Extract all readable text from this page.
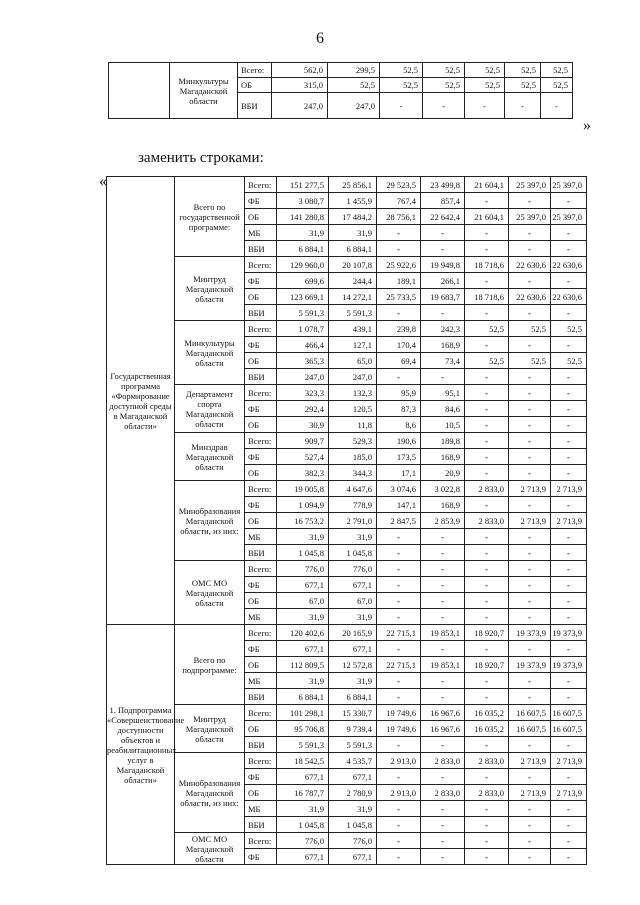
6
	Минкультуры Магаданской области	Всего:	562,0	299,5	52,5	52,5	52,5	52,5	52,5
		ОБ	315,0	52,5	52,5	52,5	52,5	52,5	52,5
		ВБИ	247,0	247,0	-	-	-	-	-
»
заменить строками:
«
Государственная программа «Формирование доступной среды в Магаданской области»	Всего по государственной программе:	Всего:	151 277,5	25 856,1	29 523,5	23 499,8	21 604,1	25 397,0	25 397,0
		ФБ	3 080,7	1 455,9	767,4	857,4	-	-	-
		ОБ	141 280,8	17 484,2	28 756,1	22 642,4	21 604,1	25 397,0	25 397,0
		МБ	31,9	31,9	-	-	-	-	-
		ВБИ	6 884,1	6 884,1	-	-	-	-	-
	Минтруд Магаданской области	Всего:	129 960,0	20 107,8	25 922,6	19 949,8	18 718,6	22 630,6	22 630,6
		ФБ	699,6	244,4	189,1	266,1	-	-	-
		ОБ	123 669,1	14 272,1	25 733,5	19 683,7	18 718,6	22 630,6	22 630,6
		ВБИ	5 591,3	5 591,3	-	-	-	-	-
	Минкультуры Магаданской области	Всего:	1 078,7	439,1	239,8	242,3	52,5	52,5	52,5
		ФБ	466,4	127,1	170,4	168,9	-	-	-
		ОБ	365,3	65,0	69,4	73,4	52,5	52,5	52,5
		ВБИ	247,0	247,0	-	-	-	-	-
	Департамент спорта Магаданской области	Всего:	323,3	132,3	95,9	95,1	-	-	-
		ФБ	292,4	120,5	87,3	84,6	-	-	-
		ОБ	30,9	11,8	8,6	10,5	-	-	-
	Минздрав Магаданской области	Всего:	909,7	529,3	190,6	189,8	-	-	-
		ФБ	527,4	185,0	173,5	168,9	-	-	-
		ОБ	382,3	344,3	17,1	20,9	-	-	-
	Минобразования Магаданской области, из них:	Всего:	19 005,8	4 647,6	3 074,6	3 022,8	2 833,0	2 713,9	2 713,9
		ФБ	1 094,9	778,9	147,1	168,9	-	-	-
		ОБ	16 753,2	2 791,0	2 847,5	2 853,9	2 833,0	2 713,9	2 713,9
		МБ	31,9	31,9	-	-	-	-	-
		ВБИ	1 045,8	1 045,8	-	-	-	-	-
	ОМС МО Магаданской области	Всего:	776,0	776,0	-	-	-	-	-
		ФБ	677,1	677,1	-	-	-	-	-
		ОБ	67,0	67,0	-	-	-	-	-
		МБ	31,9	31,9	-	-	-	-	-
1. Подпрограмма «Совершенствование доступности объектов и реабилитационных услуг в Магаданской области»	Всего по подпрограмме:	Всего:	120 402,6	20 165,9	22 715,1	19 853,1	18 920,7	19 373,9	19 373,9
		ФБ	677,1	677,1	-	-	-	-	-
		ОБ	112 809,5	12 572,8	22 715,1	19 853,1	18 920,7	19 373,9	19 373,9
		МБ	31,9	31,9	-	-	-	-	-
		ВБИ	6 884,1	6 884,1	-	-	-	-	-
	Минтруд Магаданской области	Всего:	101 298,1	15 330,7	19 749,6	16 967,6	16 035,2	16 607,5	16 607,5
		ОБ	95 706,8	9 739,4	19 749,6	16 967,6	16 035,2	16 607,5	16 607,5
		ВБИ	5 591,3	5 591,3	-	-	-	-	-
	Минобразования Магаданской области, из них:	Всего:	18 542,5	4 535,7	2 913,0	2 833,0	2 833,0	2 713,9	2 713,9
		ФБ	677,1	677,1	-	-	-	-	-
		ОБ	16 787,7	2 780,9	2 913,0	2 833,0	2 833,0	2 713,9	2 713,9
		МБ	31,9	31,9	-	-	-	-	-
		ВБИ	1 045,8	1 045,8	-	-	-	-	-
	ОМС МО Магаданской области	Всего:	776,0	776,0	-	-	-	-	-
		ФБ	677,1	677,1	-	-	-	-	-
